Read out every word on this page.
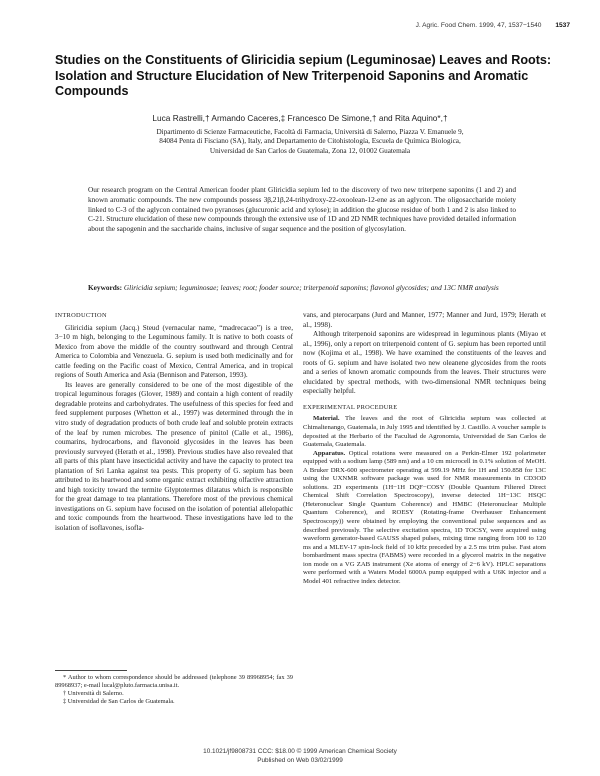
J. Agric. Food Chem. 1999, 47, 1537−1540 1537
Studies on the Constituents of Gliricidia sepium (Leguminosae) Leaves and Roots: Isolation and Structure Elucidation of New Triterpenoid Saponins and Aromatic Compounds
Luca Rastrelli,† Armando Caceres,‡ Francesco De Simone,† and Rita Aquino*,†
Dipartimento di Scienze Farmaceutiche, Facoltà di Farmacia, Università di Salerno, Piazza V. Emanuele 9,
84084 Penta di Fisciano (SA), Italy, and Departamento de Citohistología, Escuela de Química Biologica,
Universidad de San Carlos de Guatemala, Zona 12, 01002 Guatemala
Our research program on the Central American fooder plant Gliricidia sepium led to the discovery of two new triterpene saponins (1 and 2) and known aromatic compounds. The new compounds possess 3β,21β,24-trihydroxy-22-oxoolean-12-ene as an aglycon. The oligosaccharide moiety linked to C-3 of the aglycon contained two pyranoses (glucuronic acid and xylose); in addition the glucose residue of both 1 and 2 is also linked to C-21. Structure elucidation of these new compounds through the extensive use of 1D and 2D NMR techniques have provided detailed information about the sapogenin and the saccharide chains, inclusive of sugar sequence and the position of glycosylation.
Keywords: Gliricidia sepium; leguminosae; leaves; root; fooder source; triterpenoid saponins; flavonol glycosides; and 13C NMR analysis
INTRODUCTION

Gliricidia sepium (Jacq.) Steud (vernacular name, “madrecacao”) is a tree, 3−10 m high, belonging to the Leguminous family. It is native to both coasts of Mexico from above the middle of the country southward and through Central America to Colombia and Venezuela. G. sepium is used both medicinally and for cattle feeding on the Pacific coast of Mexico, Central America, and in tropical regions of South America and Asia (Bennison and Paterson, 1993).

Its leaves are generally considered to be one of the most digestible of the tropical leguminous forages (Glover, 1989) and contain a high content of readily degradable proteins and carbohydrates. The usefulness of this species for feed and feed supplement purposes (Whetton et al., 1997) was determined through the in vitro study of degradation products of both crude leaf and soluble protein extracts of the leaf by rumen microbes. The presence of pinitol (Calle et al., 1986), coumarins, hydrocarbons, and flavonoid glycosides in the leaves has been previously surveyed (Herath et al., 1998). Previous studies have also revealed that all parts of this plant have insecticidal activity and have the capacity to protect tea plantation of Sri Lanka against tea pests. This property of G. sepium has been attributed to its heartwood and some organic extract exhibiting olfactive attraction and high toxicity toward the termite Glyptotermes dilatatus which is responsible for the great damage to tea plantations. Therefore most of the previous chemical investigations on G. sepium have focused on the isolation of potential allelopathic and toxic compounds from the heartwood. These investigations have led to the isolation of isoflavones, isofla-

* Author to whom correspondence should be addressed (telephone 39 89968954; fax 39 89968937; e-mail lucal@pluto.farmacia.unisa.it.
† Università di Salerno.
‡ Universidad de San Carlos de Guatemala.

vans, and pterocarpans (Jurd and Manner, 1977; Manner and Jurd, 1979; Herath et al., 1998).

Although triterpenoid saponins are widespread in leguminous plants (Miyao et al., 1996), only a report on triterpenoid content of G. sepium has been reported until now (Kojima et al., 1998). We have examined the constituents of the leaves and roots of G. sepium and have isolated two new oleanene glycosides from the roots and a series of known aromatic compounds from the leaves. Their structures were elucidated by spectral methods, with two-dimensional NMR techniques being especially helpful.

EXPERIMENTAL PROCEDURE

Material. The leaves and the root of Gliricidia sepium was collected at Chimaltenango, Guatemala, in July 1995 and identified by J. Castillo. A voucher sample is deposited at the Herbario of the Facultad de Agronomia, Universidad de San Carlos de Guatemala, Guatemala.

Apparatus. Optical rotations were measured on a Perkin-Elmer 192 polarimeter equipped with a sodium lamp (589 nm) and a 10 cm microcell in 0.1% solution of MeOH. A Bruker DRX-600 spectrometer operating at 599.19 MHz for 1H and 150.858 for 13C using the UXNMR software package was used for NMR measurements in CD3OD solutions. 2D experiments (1H−1H DQF−COSY (Double Quantum Filtered Direct Chemical Shift Correlation Spectroscopy), inverse detected 1H−13C HSQC (Heteronuclear Single Quantum Coherence) and HMBC (Heteronuclear Multiple Quantum Coherence), and ROESY (Rotating-frame Overhauser Enhancement Spectroscopy)) were obtained by employing the conventional pulse sequences and as described previously. The selective excitation spectra, 1D TOCSY, were acquired using waveform generator-based GAUSS shaped pulses, mixing time ranging from 100 to 120 ms and a MLEV-17 spin-lock field of 10 kHz preceded by a 2.5 ms trim pulse. Fast atom bombardment mass spectra (FABMS) were recorded in a glycerol matrix in the negative ion mode on a VG ZAB instrument (Xe atoms of energy of 2−6 kV). HPLC separations were performed with a Waters Model 6000A pump equipped with a U6K injector and a Model 401 refractive index detector.

10.1021/jf9808731 CCC: $18.00 © 1999 American Chemical Society
Published on Web 03/02/1999
